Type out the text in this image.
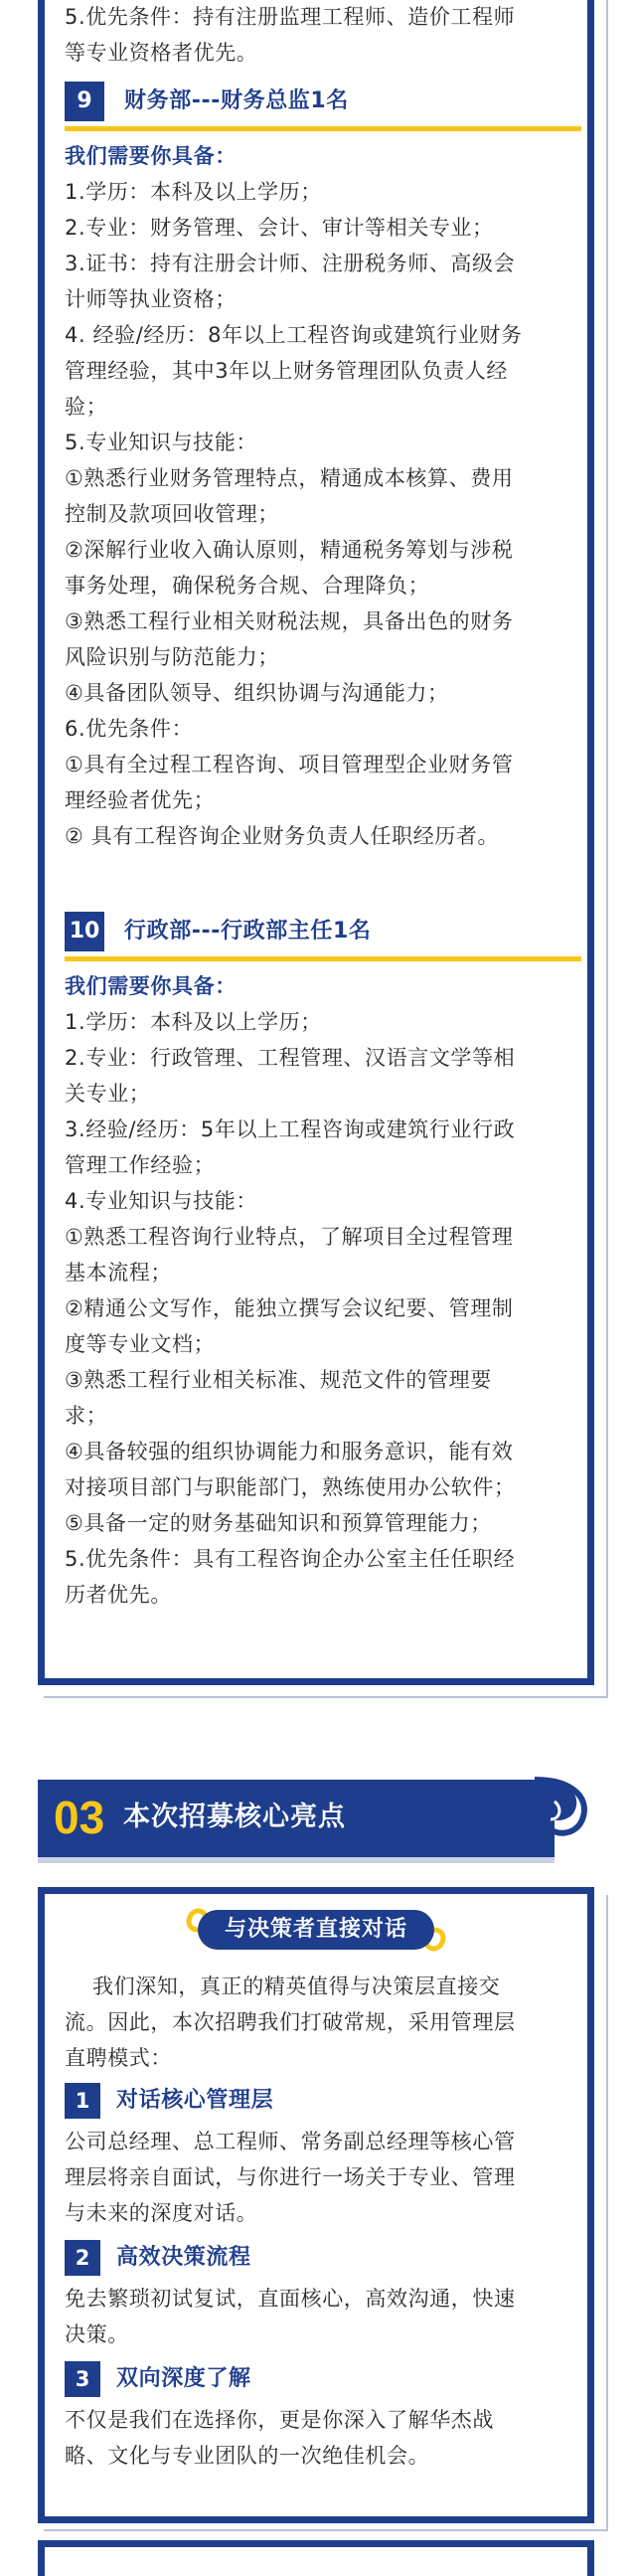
5.优先条件：持有注册监理工程师、造价工程师
等专业资格者优先。
9	财务部---财务总监1名
我们需要你具备：
1.学历：本科及以上学历；
2.专业：财务管理、会计、审计等相关专业；
3.证书：持有注册会计师、注册税务师、高级会
计师等执业资格；
4. 经验/经历：8年以上工程咨询或建筑行业财务
管理经验，其中3年以上财务管理团队负责人经
验；
5.专业知识与技能：
①熟悉行业财务管理特点，精通成本核算、费用
控制及款项回收管理；
②深解行业收入确认原则，精通税务筹划与涉税
事务处理，确保税务合规、合理降负；
③熟悉工程行业相关财税法规，具备出色的财务
风险识别与防范能力；
④具备团队领导、组织协调与沟通能力；
6.优先条件：
①具有全过程工程咨询、项目管理型企业财务管
理经验者优先；
② 具有工程咨询企业财务负责人任职经历者。
10 行政部---行政部主任1名
我们需要你具备：
1.学历：本科及以上学历；
2.专业：行政管理、工程管理、汉语言文学等相
关专业；
3.经验/经历：5年以上工程咨询或建筑行业行政
管理工作经验；
4.专业知识与技能：
①熟悉工程咨询行业特点，了解项目全过程管理
基本流程；
②精通公文写作，能独立撰写会议纪要、管理制
度等专业文档；
③熟悉工程行业相关标准、规范文件的管理要
求；
④具备较强的组织协调能力和服务意识，能有效
对接项目部门与职能部门，熟练使用办公软件；
⑤具备一定的财务基础知识和预算管理能力；
5.优先条件：具有工程咨询企办公室主任任职经
历者优先。
03 本次招募核心亮点
与决策者直接对话
我们深知，真正的精英值得与决策层直接交
流。因此，本次招聘我们打破常规，采用管理层
直聘模式：
1	对话核心管理层
公司总经理、总工程师、常务副总经理等核心管
理层将亲自面试，与你进行一场关于专业、管理
与未来的深度对话。
2	高效决策流程
免去繁琐初试复试，直面核心，高效沟通，快速
决策。
3	双向深度了解
不仅是我们在选择你，更是你深入了解华杰战
略、文化与专业团队的一次绝佳机会。
